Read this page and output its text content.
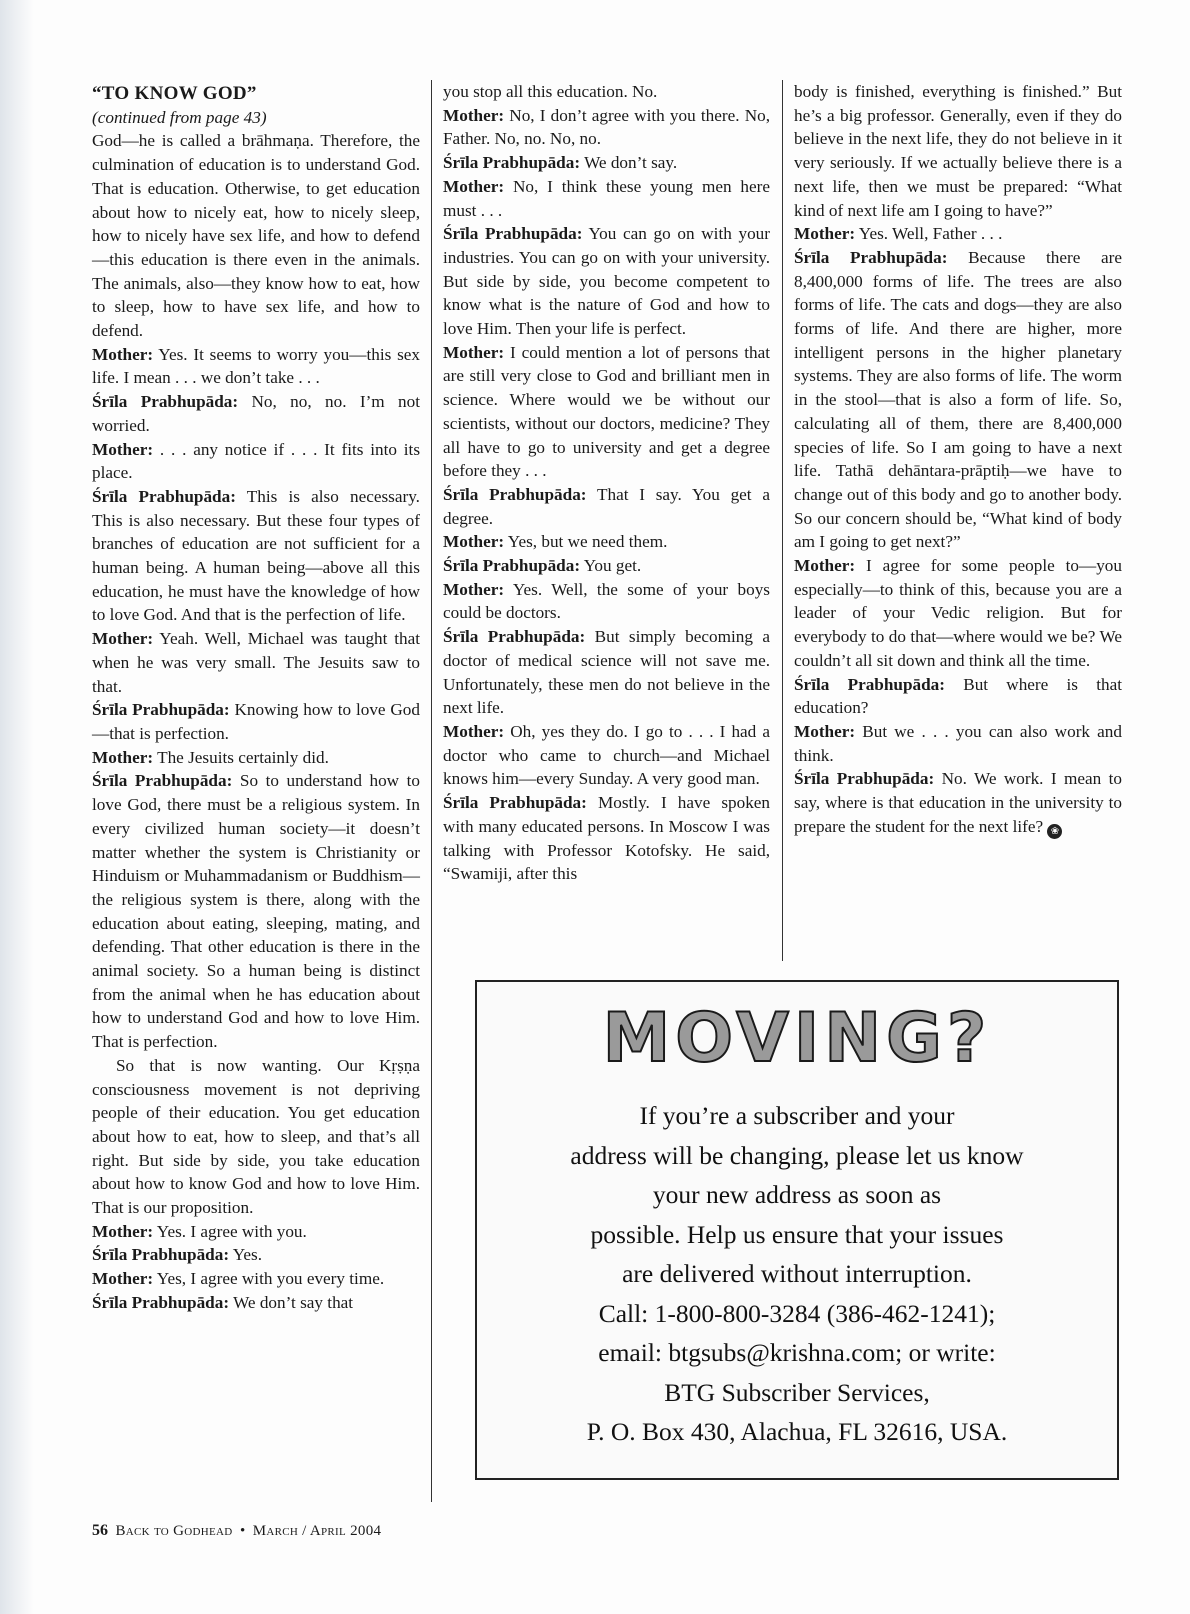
“TO KNOW GOD”

(continued from page 43)

God—he is called a brāhmaṇa. Therefore, the culmination of education is to understand God. That is education. Otherwise, to get education about how to nicely eat, how to nicely sleep, how to nicely have sex life, and how to defend—this education is there even in the animals. The animals, also—they know how to eat, how to sleep, how to have sex life, and how to defend.

Mother: Yes. It seems to worry you—this sex life. I mean . . . we don’t take . . .

Śrīla Prabhupāda: No, no, no. I’m not worried.

Mother: . . . any notice if . . . It fits into its place.

Śrīla Prabhupāda: This is also necessary. This is also necessary. But these four types of branches of education are not sufficient for a human being. A human being—above all this education, he must have the knowledge of how to love God. And that is the perfection of life.

Mother: Yeah. Well, Michael was taught that when he was very small. The Jesuits saw to that.

Śrīla Prabhupāda: Knowing how to love God—that is perfection.

Mother: The Jesuits certainly did.

Śrīla Prabhupāda: So to understand how to love God, there must be a religious system. In every civilized human society—it doesn’t matter whether the system is Christianity or Hinduism or Muhammadanism or Buddhism—the religious system is there, along with the education about eating, sleeping, mating, and defending. That other education is there in the animal society. So a human being is distinct from the animal when he has education about how to understand God and how to love Him. That is perfection.

So that is now wanting. Our Kṛṣṇa consciousness movement is not depriving people of their education. You get education about how to eat, how to sleep, and that’s all right. But side by side, you take education about how to know God and how to love Him. That is our proposition.

Mother: Yes. I agree with you.

Śrīla Prabhupāda: Yes.

Mother: Yes, I agree with you every time.

Śrīla Prabhupāda: We don’t say that

you stop all this education. No.

Mother: No, I don’t agree with you there. No, Father. No, no. No, no.

Śrīla Prabhupāda: We don’t say.

Mother: No, I think these young men here must . . .

Śrīla Prabhupāda: You can go on with your industries. You can go on with your university. But side by side, you become competent to know what is the nature of God and how to love Him. Then your life is perfect.

Mother: I could mention a lot of persons that are still very close to God and brilliant men in science. Where would we be without our scientists, without our doctors, medicine? They all have to go to university and get a degree before they . . .

Śrīla Prabhupāda: That I say. You get a degree.

Mother: Yes, but we need them.

Śrīla Prabhupāda: You get.

Mother: Yes. Well, the some of your boys could be doctors.

Śrīla Prabhupāda: But simply becoming a doctor of medical science will not save me. Unfortunately, these men do not believe in the next life.

Mother: Oh, yes they do. I go to . . . I had a doctor who came to church—and Michael knows him—every Sunday. A very good man.

Śrīla Prabhupāda: Mostly. I have spoken with many educated persons. In Moscow I was talking with Professor Kotofsky. He said, “Swamiji, after this

body is finished, everything is finished.” But he’s a big professor. Generally, even if they do believe in the next life, they do not believe in it very seriously. If we actually believe there is a next life, then we must be prepared: “What kind of next life am I going to have?”

Mother: Yes. Well, Father . . .

Śrīla Prabhupāda: Because there are 8,400,000 forms of life. The trees are also forms of life. The cats and dogs—they are also forms of life. And there are higher, more intelligent persons in the higher planetary systems. They are also forms of life. The worm in the stool—that is also a form of life. So, calculating all of them, there are 8,400,000 species of life. So I am going to have a next life. Tathā dehāntara-prāptiḥ—we have to change out of this body and go to another body. So our concern should be, “What kind of body am I going to get next?”

Mother: I agree for some people to—you especially—to think of this, because you are a leader of your Vedic religion. But for everybody to do that—where would we be? We couldn’t all sit down and think all the time.

Śrīla Prabhupāda: But where is that education?

Mother: But we . . . you can also work and think.

Śrīla Prabhupāda: No. We work. I mean to say, where is that education in the university to prepare the student for the next life? ❀

MOVING?
If you’re a subscriber and your
address will be changing, please let us know
your new address as soon as
possible. Help us ensure that your issues
are delivered without interruption.
Call: 1-800-800-3284 (386-462-1241);
email: btgsubs@krishna.com; or write:
BTG Subscriber Services,
P. O. Box 430, Alachua, FL 32616, USA.
56 Back to Godhead • March / April 2004
